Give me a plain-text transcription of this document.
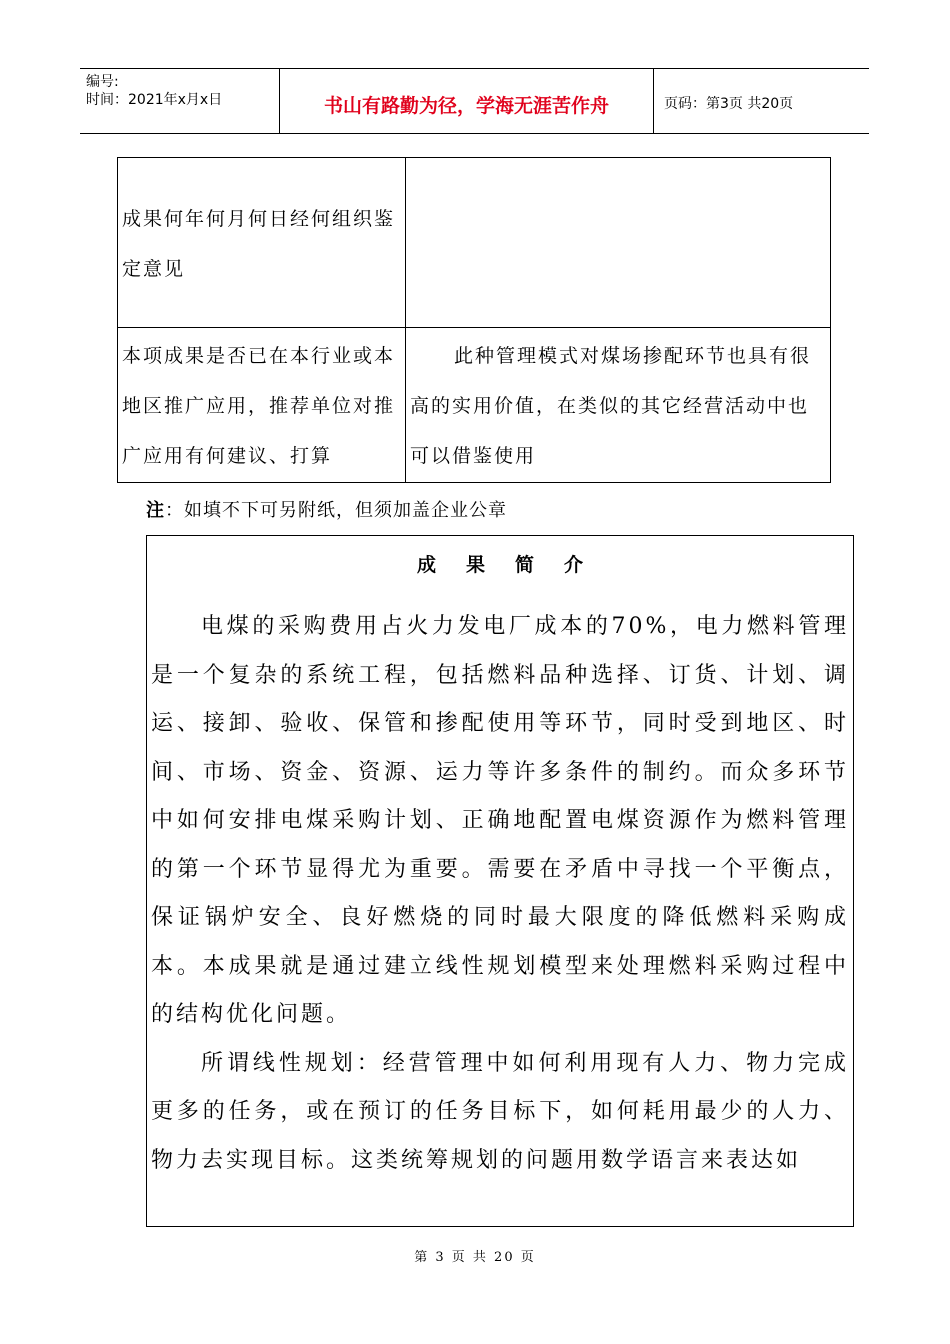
编号:
时间：2021年x月x日	书山有路勤为径，学海无涯苦作舟	页码：第3页 共20页
成果何年何月何日经何组织鉴定意见	
本项成果是否已在本行业或本地区推广应用，推荐单位对推广应用有何建议、打算	此种管理模式对煤场掺配环节也具有很高的实用价值，在类似的其它经营活动中也可以借鉴使用
注：如填不下可另附纸，但须加盖企业公章
成果简介

电煤的采购费用占火力发电厂成本的70%，电力燃料管理是一个复杂的系统工程，包括燃料品种选择、订货、计划、调运、接卸、验收、保管和掺配使用等环节，同时受到地区、时间、市场、资金、资源、运力等许多条件的制约。而众多环节中如何安排电煤采购计划、正确地配置电煤资源作为燃料管理的第一个环节显得尤为重要。需要在矛盾中寻找一个平衡点，保证锅炉安全、良好燃烧的同时最大限度的降低燃料采购成本。本成果就是通过建立线性规划模型来处理燃料采购过程中的结构优化问题。

所谓线性规划：经营管理中如何利用现有人力、物力完成更多的任务，或在预订的任务目标下，如何耗用最少的人力、物力去实现目标。这类统筹规划的问题用数学语言来表达如

第 3 页 共 20 页
